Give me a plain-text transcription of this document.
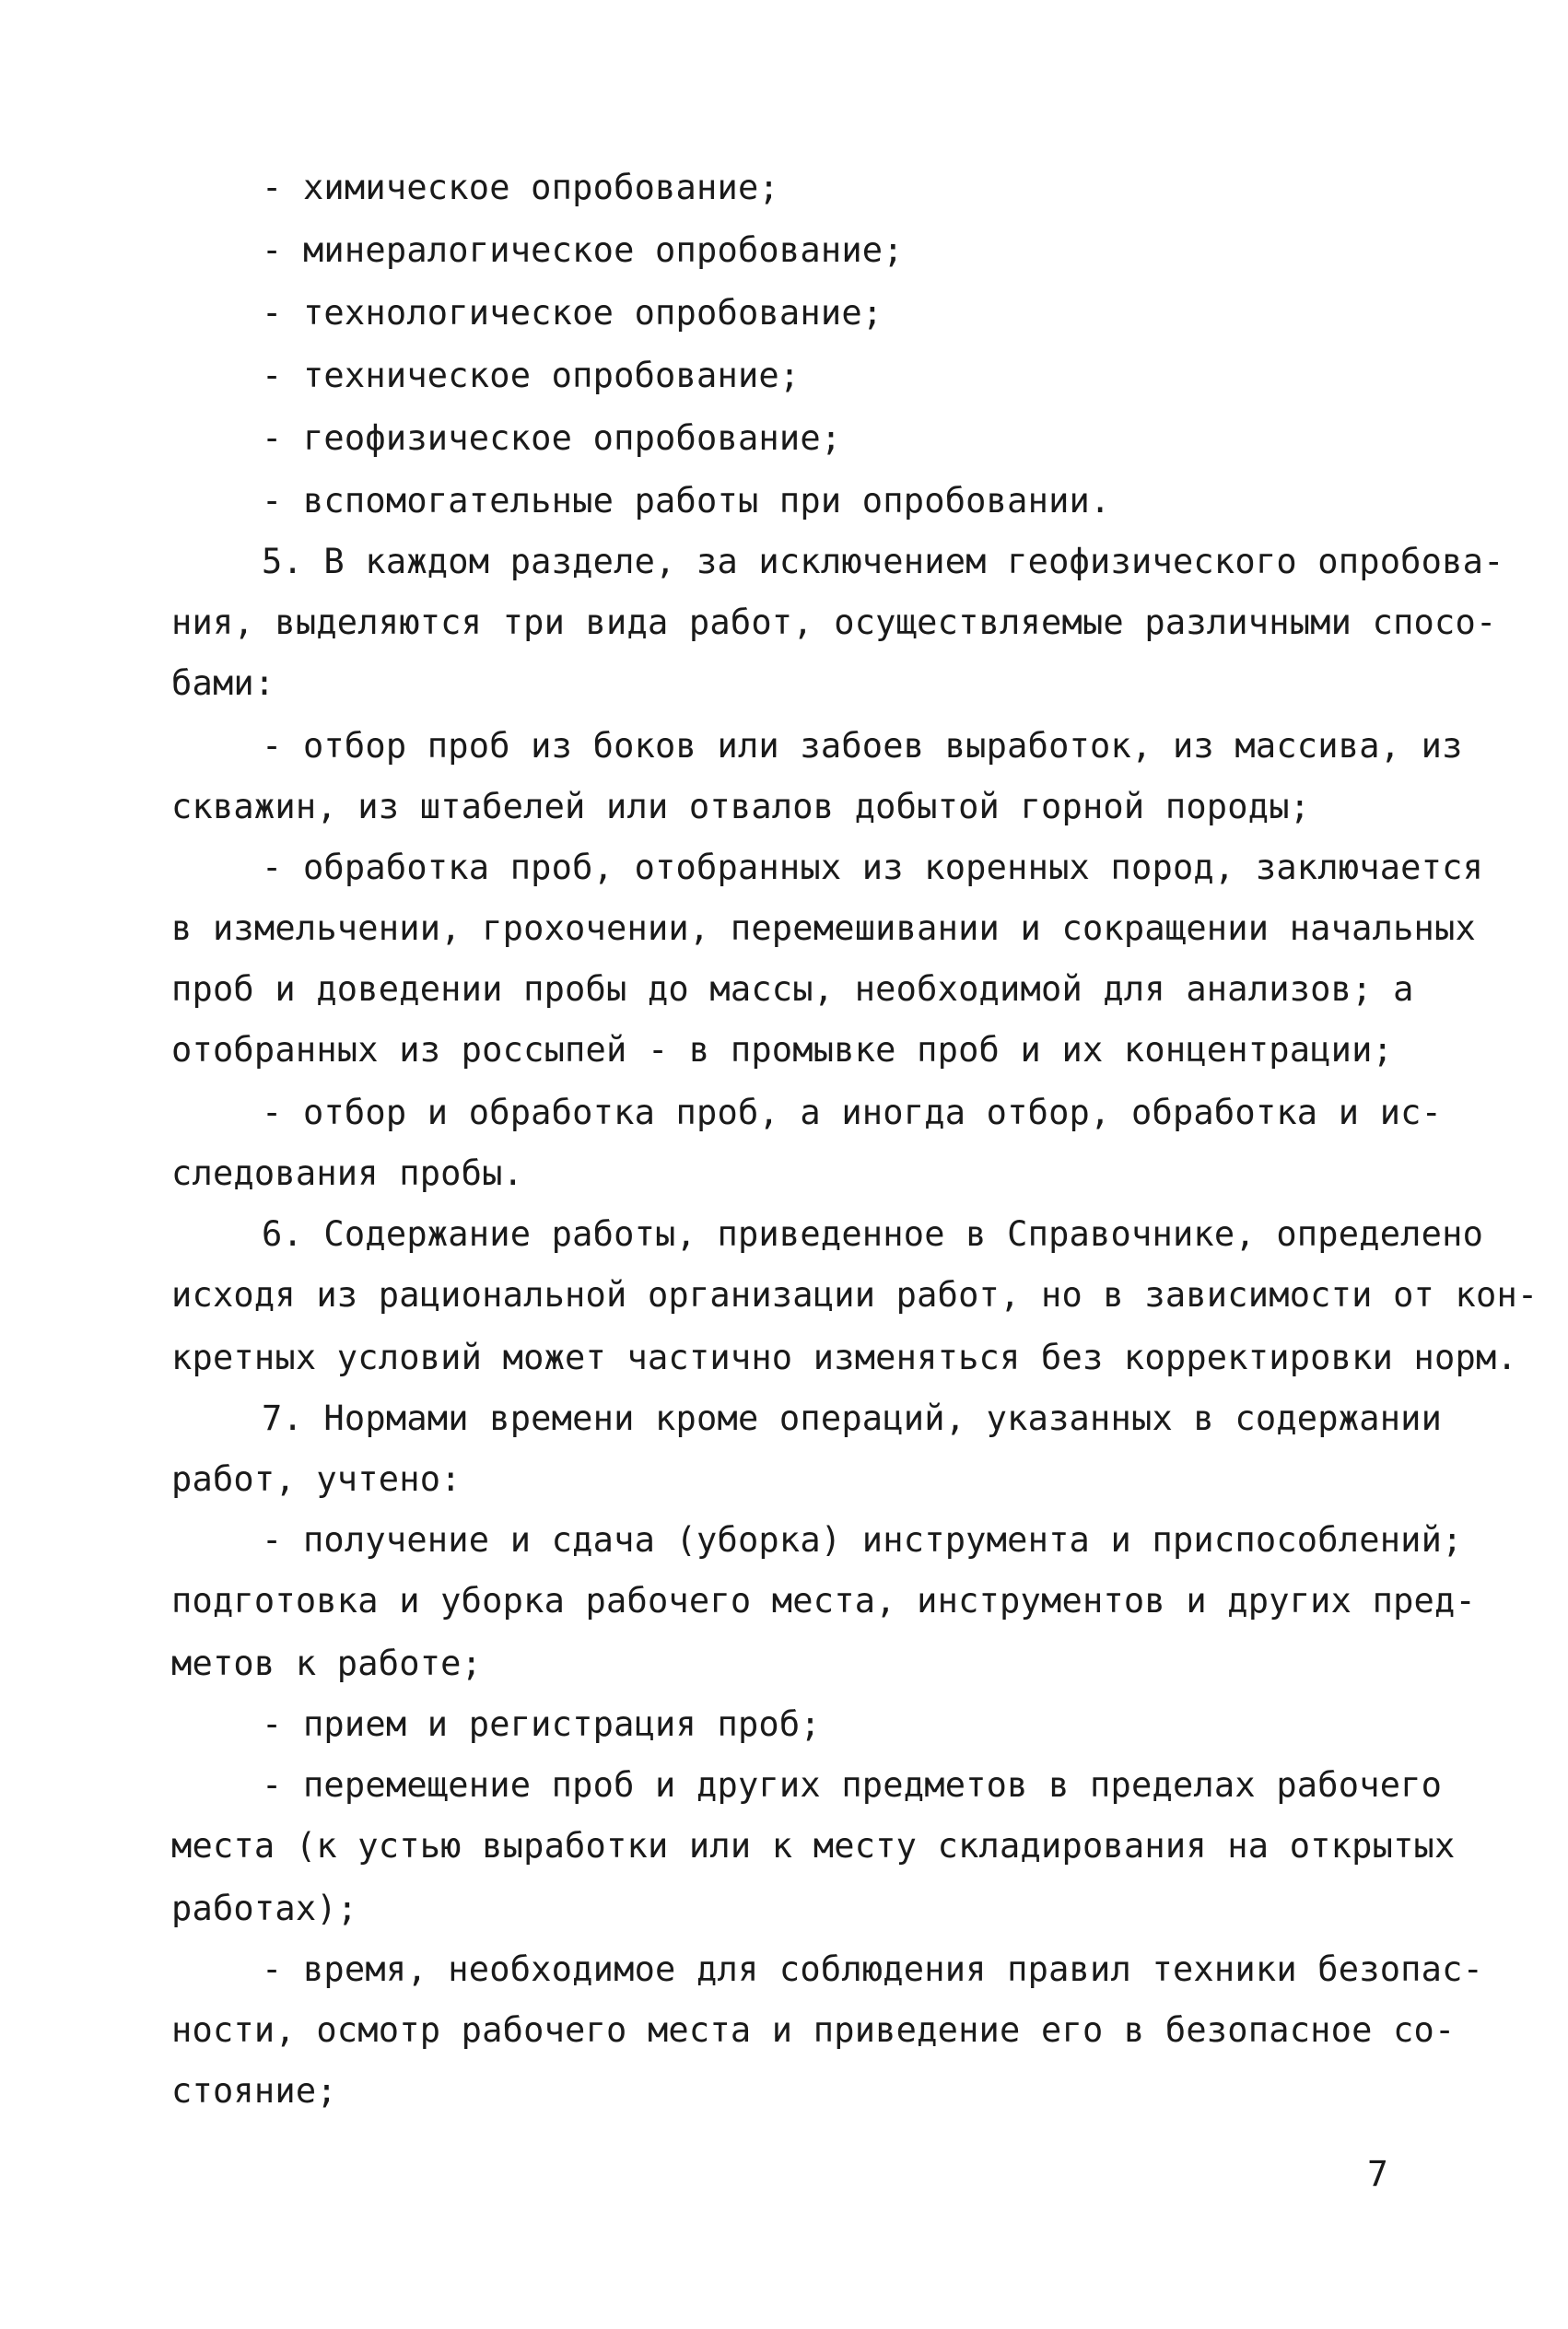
- химическое опробование;
- минералогическое опробование;
- технологическое опробование;
- техническое опробование;
- геофизическое опробование;
- вспомогательные работы при опробовании.
5. В каждом разделе, за исключением геофизического опробова-
ния, выделяются три вида работ, осуществляемые различными спосо-
бами:
- отбор проб из боков или забоев выработок, из массива, из
скважин, из штабелей или отвалов добытой горной породы;
- обработка проб, отобранных из коренных пород, заключается
в измельчении, грохочении, перемешивании и сокращении начальных
проб и доведении пробы до массы, необходимой для анализов; а
отобранных из россыпей - в промывке проб и их концентрации;
- отбор и обработка проб, а иногда отбор, обработка и ис-
следования пробы.
6. Содержание работы, приведенное в Справочнике, определено
исходя из рациональной организации работ, но в зависимости от кон-
кретных условий может частично изменяться без корректировки норм.
7. Нормами времени кроме операций, указанных в содержании
работ, учтено:
- получение и сдача (уборка) инструмента и приспособлений;
подготовка и уборка рабочего места, инструментов и других пред-
метов к работе;
- прием и регистрация проб;
- перемещение проб и других предметов в пределах рабочего
места (к устью выработки или к месту складирования на открытых
работах);
- время, необходимое для соблюдения правил техники безопас-
ности, осмотр рабочего места и приведение его в безопасное со-
стояние;
7
